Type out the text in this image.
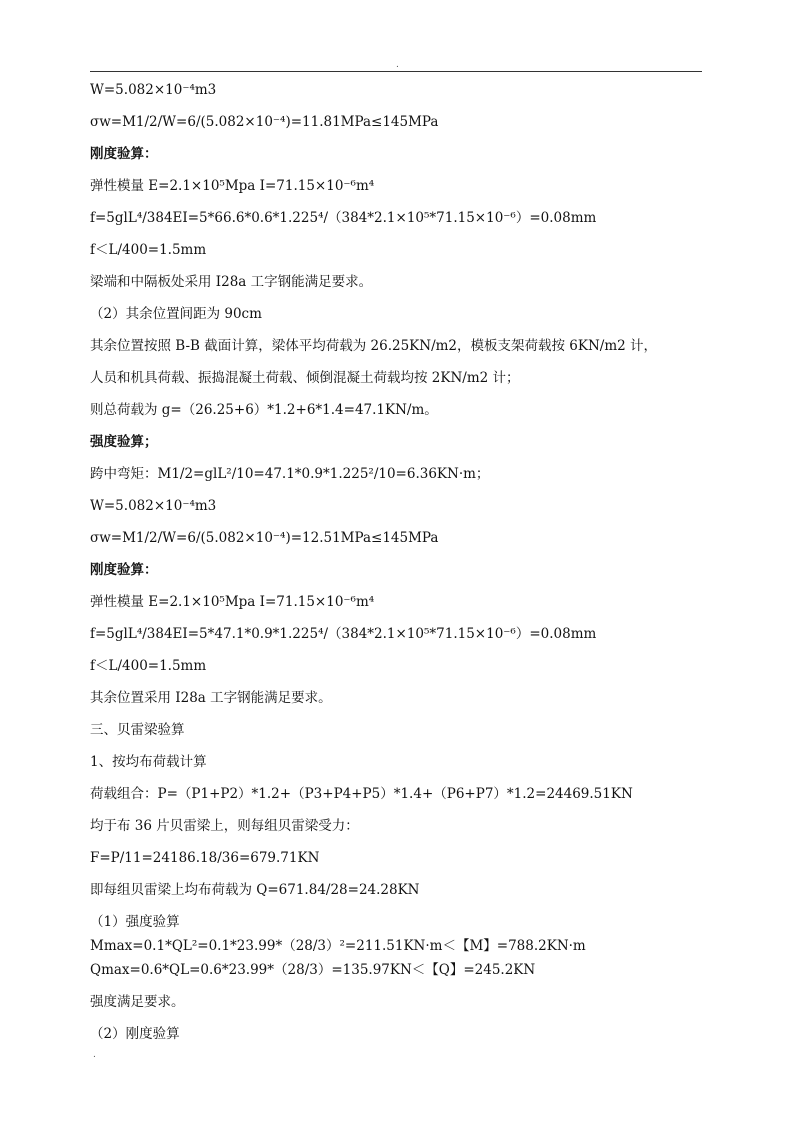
.
W=5.082×10⁻⁴m3
σw=M1/2/W=6/(5.082×10⁻⁴)=11.81MPa≤145MPa
刚度验算：
弹性模量 E=2.1×10⁵Mpa I=71.15×10⁻⁶m⁴
f=5glL⁴/384EI=5*66.6*0.6*1.225⁴/（384*2.1×10⁵*71.15×10⁻⁶）=0.08mm
f＜L/400=1.5mm
梁端和中隔板处采用 I28a 工字钢能满足要求。
（2）其余位置间距为 90cm
其余位置按照 B-B 截面计算，梁体平均荷载为 26.25KN/m2，模板支架荷载按 6KN/m2 计，
人员和机具荷载、振捣混凝土荷载、倾倒混凝土荷载均按 2KN/m2 计；
则总荷载为 g=（26.25+6）*1.2+6*1.4=47.1KN/m。
强度验算；
跨中弯矩：M1/2=glL²/10=47.1*0.9*1.225²/10=6.36KN·m；
W=5.082×10⁻⁴m3
σw=M1/2/W=6/(5.082×10⁻⁴)=12.51MPa≤145MPa
刚度验算：
弹性模量 E=2.1×10⁵Mpa I=71.15×10⁻⁶m⁴
f=5glL⁴/384EI=5*47.1*0.9*1.225⁴/（384*2.1×10⁵*71.15×10⁻⁶）=0.08mm
f＜L/400=1.5mm
其余位置采用 I28a 工字钢能满足要求。
三、贝雷梁验算
1、按均布荷载计算
荷载组合：P=（P1+P2）*1.2+（P3+P4+P5）*1.4+（P6+P7）*1.2=24469.51KN
均于布 36 片贝雷梁上，则每组贝雷梁受力：
F=P/11=24186.18/36=679.71KN
即每组贝雷梁上均布荷载为 Q=671.84/28=24.28KN
（1）强度验算
Mmax=0.1*QL²=0.1*23.99*（28/3）²=211.51KN·m＜【M】=788.2KN·m
Qmax=0.6*QL=0.6*23.99*（28/3）=135.97KN＜【Q】=245.2KN
强度满足要求。
（2）刚度验算
.
